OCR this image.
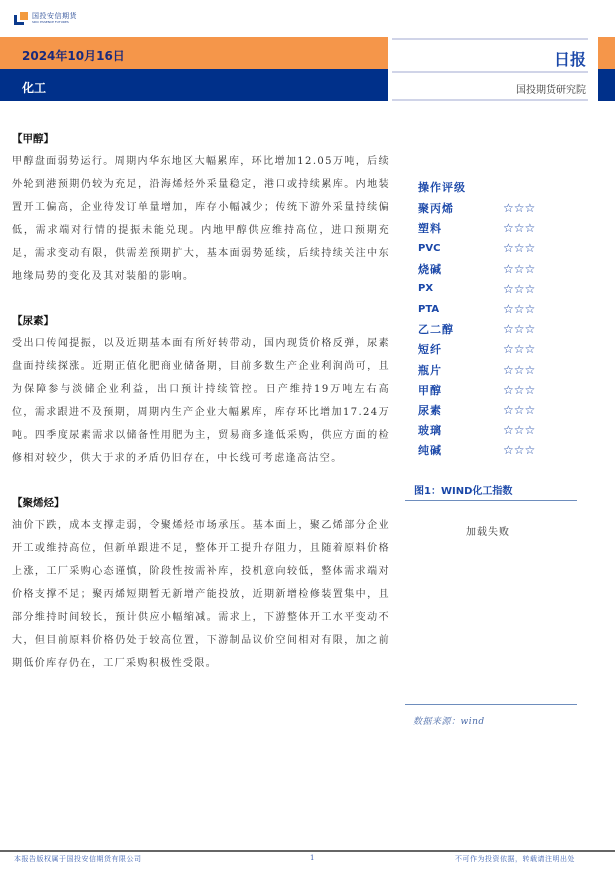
国投安信期货
SDIC ESSENCE FUTURES
2024年10月16日
化工
日报
国投期货研究院
【甲醇】
甲醇盘面弱势运行。周期内华东地区大幅累库，环比增加12.05万吨，后续外轮到港预期仍较为充足，沿海烯烃外采量稳定，港口或持续累库。内地装置开工偏高，企业待发订单量增加，库存小幅减少；传统下游外采量持续偏低，需求端对行情的提振未能兑现。内地甲醇供应维持高位，进口预期充足，需求变动有限，供需差预期扩大，基本面弱势延续，后续持续关注中东地缘局势的变化及其对装船的影响。
【尿素】
受出口传闻提振，以及近期基本面有所好转带动，国内现货价格反弹，尿素盘面持续探涨。近期正值化肥商业储备期，目前多数生产企业利润尚可，且为保障参与淡储企业利益，出口预计持续管控。日产维持19万吨左右高位，需求跟进不及预期，周期内生产企业大幅累库，库存环比增加17.24万吨。四季度尿素需求以储备性用肥为主，贸易商多逢低采购，供应方面的检修相对较少，供大于求的矛盾仍旧存在，中长线可考虑逢高沽空。
【聚烯烃】
油价下跌，成本支撑走弱，令聚烯烃市场承压。基本面上，聚乙烯部分企业开工或维持高位，但新单跟进不足，整体开工提升存阻力，且随着原料价格上涨，工厂采购心态谨慎，阶段性按需补库，投机意向较低，整体需求端对价格支撑不足；聚丙烯短期暂无新增产能投放，近期新增检修装置集中，且部分维持时间较长，预计供应小幅缩减。需求上，下游整体开工水平变动不大，但目前原料价格仍处于较高位置，下游制品议价空间相对有限，加之前期低价库存仍在，工厂采购积极性受限。
操作评级
聚丙烯	☆☆☆
塑料	☆☆☆
PVC	☆☆☆
烧碱	☆☆☆
PX	☆☆☆
PTA	☆☆☆
乙二醇	☆☆☆
短纤	☆☆☆
瓶片	☆☆☆
甲醇	☆☆☆
尿素	☆☆☆
玻璃	☆☆☆
纯碱	☆☆☆
图1：WIND化工指数
加载失败
数据来源：wind
本报告版权属于国投安信期货有限公司	1	不可作为投资依据，转载请注明出处
